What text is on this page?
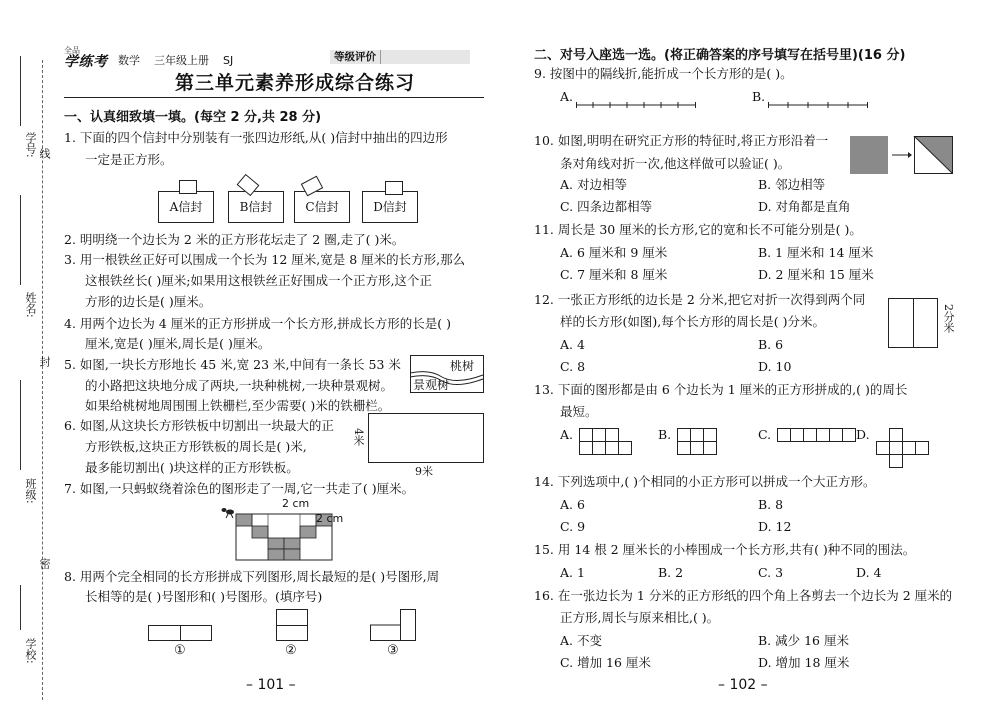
学号: 线
姓名:
封
班级:
密
学校:
全品
学练考 数学 三年级上册 SJ	等级评价
第三单元素养形成综合练习
一、认真细致填一填。(每空 2 分,共 28 分)
1. 下面的四个信封中分别装有一张四边形纸,从( )信封中抽出的四边形
一定是正方形。
A信封	B信封	C信封	D信封
2. 明明绕一个边长为 2 米的正方形花坛走了 2 圈,走了( )米。
3. 用一根铁丝正好可以围成一个长为 12 厘米,宽是 8 厘米的长方形,那么
这根铁丝长( )厘米;如果用这根铁丝正好围成一个正方形,这个正
方形的边长是( )厘米。
4. 用两个边长为 4 厘米的正方形拼成一个长方形,拼成长方形的长是( )
厘米,宽是( )厘米,周长是( )厘米。
5. 如图,一块长方形地长 45 米,宽 23 米,中间有一条长 53 米
的小路把这块地分成了两块,一块种桃树,一块种景观树。
如果给桃树地周围围上铁栅栏,至少需要( )米的铁栅栏。
桃树
景观树
6. 如图,从这块长方形铁板中切割出一块最大的正
方形铁板,这块正方形铁板的周长是( )米,
最多能切割出( )块这样的正方形铁板。
4米
9米
7. 如图,一只蚂蚁绕着涂色的图形走了一周,它一共走了( )厘米。
2 cm
2 cm
8. 用两个完全相同的长方形拼成下列图形,周长最短的是( )号图形,周
长相等的是( )号图形和( )号图形。(填序号)
①	②	③
– 101 –
二、对号入座选一选。(将正确答案的序号填写在括号里)(16 分)
9. 按图中的隔线折,能折成一个长方形的是( )。
A.	B.
10. 如图,明明在研究正方形的特征时,将正方形沿着一
条对角线对折一次,他这样做可以验证( )。
A. 对边相等	B. 邻边相等
C. 四条边都相等	D. 对角都是直角
11. 周长是 30 厘米的长方形,它的宽和长不可能分别是( )。
A. 6 厘米和 9 厘米	B. 1 厘米和 14 厘米
C. 7 厘米和 8 厘米	D. 2 厘米和 15 厘米
12. 一张正方形纸的边长是 2 分米,把它对折一次得到两个同
样的长方形(如图),每个长方形的周长是( )分米。	2分米
A. 4	B. 6
C. 8	D. 10
13. 下面的图形都是由 6 个边长为 1 厘米的正方形拼成的,( )的周长
最短。
A.	B.	C.	D.
14. 下列选项中,( )个相同的小正方形可以拼成一个大正方形。
A. 6	B. 8
C. 9	D. 12
15. 用 14 根 2 厘米长的小棒围成一个长方形,共有( )种不同的围法。
A. 1	B. 2	C. 3	D. 4
16. 在一张边长为 1 分米的正方形纸的四个角上各剪去一个边长为 2 厘米的
正方形,周长与原来相比,( )。
A. 不变	B. 减少 16 厘米
C. 增加 16 厘米	D. 增加 18 厘米
– 102 –
